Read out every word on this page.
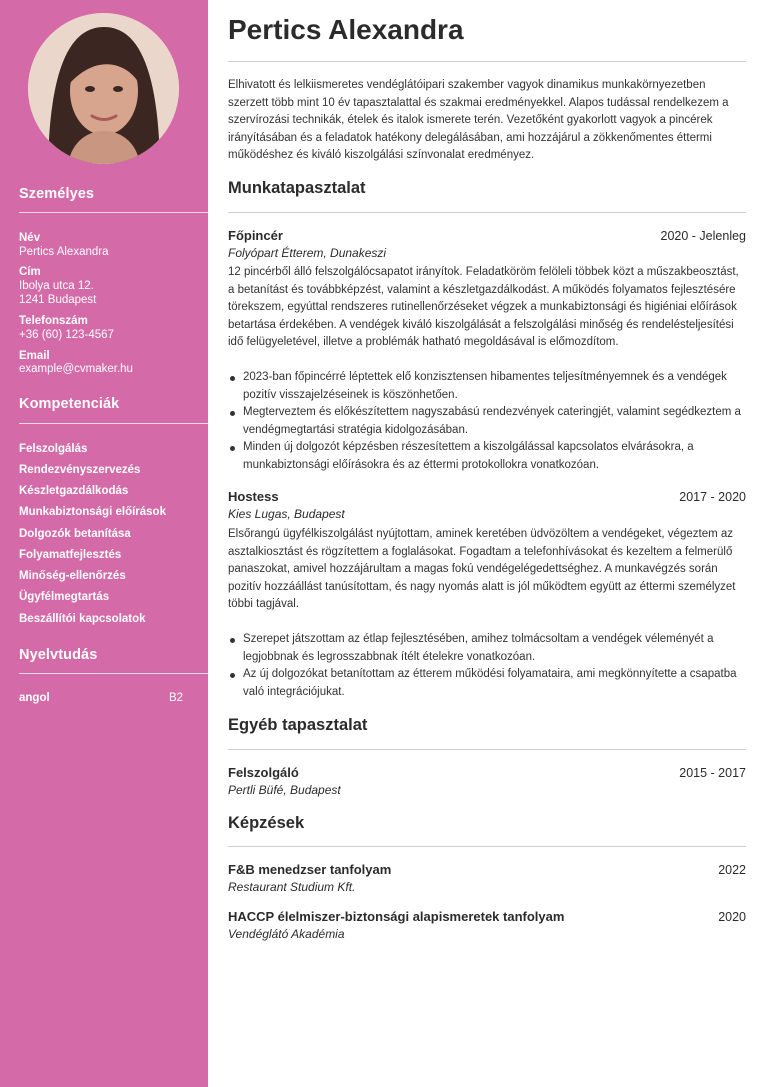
Személyes
Név
Pertics Alexandra
Cím
Ibolya utca 12.
1241 Budapest
Telefonszám
+36 (60) 123-4567
Email
example@cvmaker.hu
Kompetenciák
Felszolgálás
Rendezvényszervezés
Készletgazdálkodás
Munkabiztonsági előírások
Dolgozók betanítása
Folyamatfejlesztés
Minőség-ellenőrzés
Ügyfélmegtartás
Beszállítói kapcsolatok
Nyelvtudás
angol	B2
Pertics Alexandra

Elhivatott és lelkiismeretes vendéglátóipari szakember vagyok dinamikus munkakörnyezetben szerzett több mint 10 év tapasztalattal és szakmai eredményekkel. Alapos tudással rendelkezem a szervírozási technikák, ételek és italok ismerete terén. Vezetőként gyakorlott vagyok a pincérek irányításában és a feladatok hatékony delegálásában, ami hozzájárul a zökkenőmentes éttermi működéshez és kiváló kiszolgálási színvonalat eredményez.

Munkatapasztalat
Főpincér	2020 - Jelenleg
Folyópart Étterem, Dunakeszi

12 pincérből álló felszolgálócsapatot irányítok. Feladatköröm felöleli többek közt a műszakbeosztást, a betanítást és továbbképzést, valamint a készletgazdálkodást. A működés folyamatos fejlesztésére törekszem, egyúttal rendszeres rutinellenőrzéseket végzek a munkabiztonsági és higiéniai előírások betartása érdekében. A vendégek kiváló kiszolgálását a felszolgálási minőség és rendeléstelјesítési idő felügyeletével, illetve a problémák hatható megoldásával is előmozdítom.

2023-ban főpincérré léptettek elő konzisztensen hibamentes teljesítményemnek és a vendégek pozitív visszajelzéseinek is köszönhetően.
Megterveztem és előkészítettem nagyszabású rendezvények cateringjét, valamint segédkeztem a vendégmegtartási stratégia kidolgozásában.
Minden új dolgozót képzésben részesítettem a kiszolgálással kapcsolatos elvárásokra, a munkabiztonsági előírásokra és az éttermi protokollokra vonatkozóan.
Hostess	2017 - 2020
Kies Lugas, Budapest

Elsőrangú ügyfélkiszolgálást nyújtottam, aminek keretében üdvözöltem a vendégeket, végeztem az asztalkiosztást és rögzítettem a foglalásokat. Fogadtam a telefonhívásokat és kezeltem a felmerülő panaszokat, amivel hozzájárultam a magas fokú vendégelégedettséghez. A munkavégzés során pozitív hozzáállást tanúsítottam, és nagy nyomás alatt is jól működtem együtt az éttermi személyzet többi tagjával.

Szerepet játszottam az étlap fejlesztésében, amihez tolmácsoltam a vendégek véleményét a legjobbnak és legrosszabbnak ítélt ételekre vonatkozóan.
Az új dolgozókat betanítottam az étterem működési folyamataira, ami megkönnyítette a csapatba való integrációjukat.
Egyéb tapasztalat
Felszolgáló	2015 - 2017
Pertli Büfé, Budapest
Képzések
F&B menedzser tanfolyam	2022
Restaurant Studium Kft.
HACCP élelmiszer-biztonsági alapismeretek tanfolyam	2020
Vendéglátó Akadémia
